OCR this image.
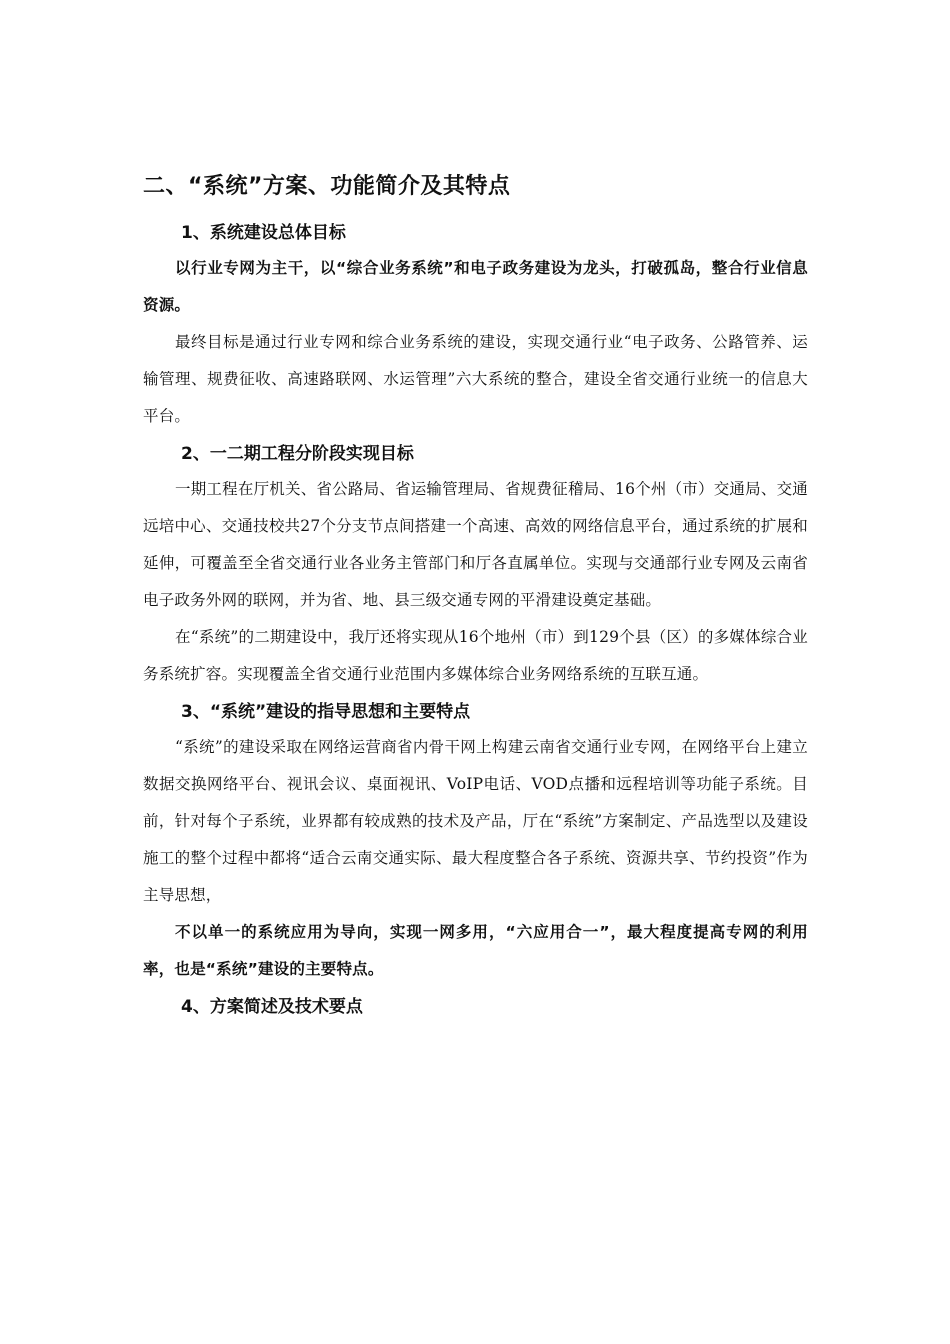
二、“系统”方案、功能简介及其特点
1、系统建设总体目标

以行业专网为主干，以“综合业务系统”和电子政务建设为龙头，打破孤岛，整合行业信息资源。

最终目标是通过行业专网和综合业务系统的建设，实现交通行业“电子政务、公路管养、运输管理、规费征收、高速路联网、水运管理”六大系统的整合，建设全省交通行业统一的信息大平台。

2、一二期工程分阶段实现目标

一期工程在厅机关、省公路局、省运输管理局、省规费征稽局、16个州（市）交通局、交通远培中心、交通技校共27个分支节点间搭建一个高速、高效的网络信息平台，通过系统的扩展和延伸，可覆盖至全省交通行业各业务主管部门和厅各直属单位。实现与交通部行业专网及云南省电子政务外网的联网，并为省、地、县三级交通专网的平滑建设奠定基础。

在“系统”的二期建设中，我厅还将实现从16个地州（市）到129个县（区）的多媒体综合业务系统扩容。实现覆盖全省交通行业范围内多媒体综合业务网络系统的互联互通。

3、“系统”建设的指导思想和主要特点

“系统”的建设采取在网络运营商省内骨干网上构建云南省交通行业专网，在网络平台上建立数据交换网络平台、视讯会议、桌面视讯、VoIP电话、VOD点播和远程培训等功能子系统。目前，针对每个子系统，业界都有较成熟的技术及产品，厅在“系统”方案制定、产品选型以及建设施工的整个过程中都将“适合云南交通实际、最大程度整合各子系统、资源共享、节约投资”作为主导思想，

不以单一的系统应用为导向，实现一网多用，“六应用合一”，最大程度提高专网的利用率，也是“系统”建设的主要特点。

4、方案简述及技术要点
